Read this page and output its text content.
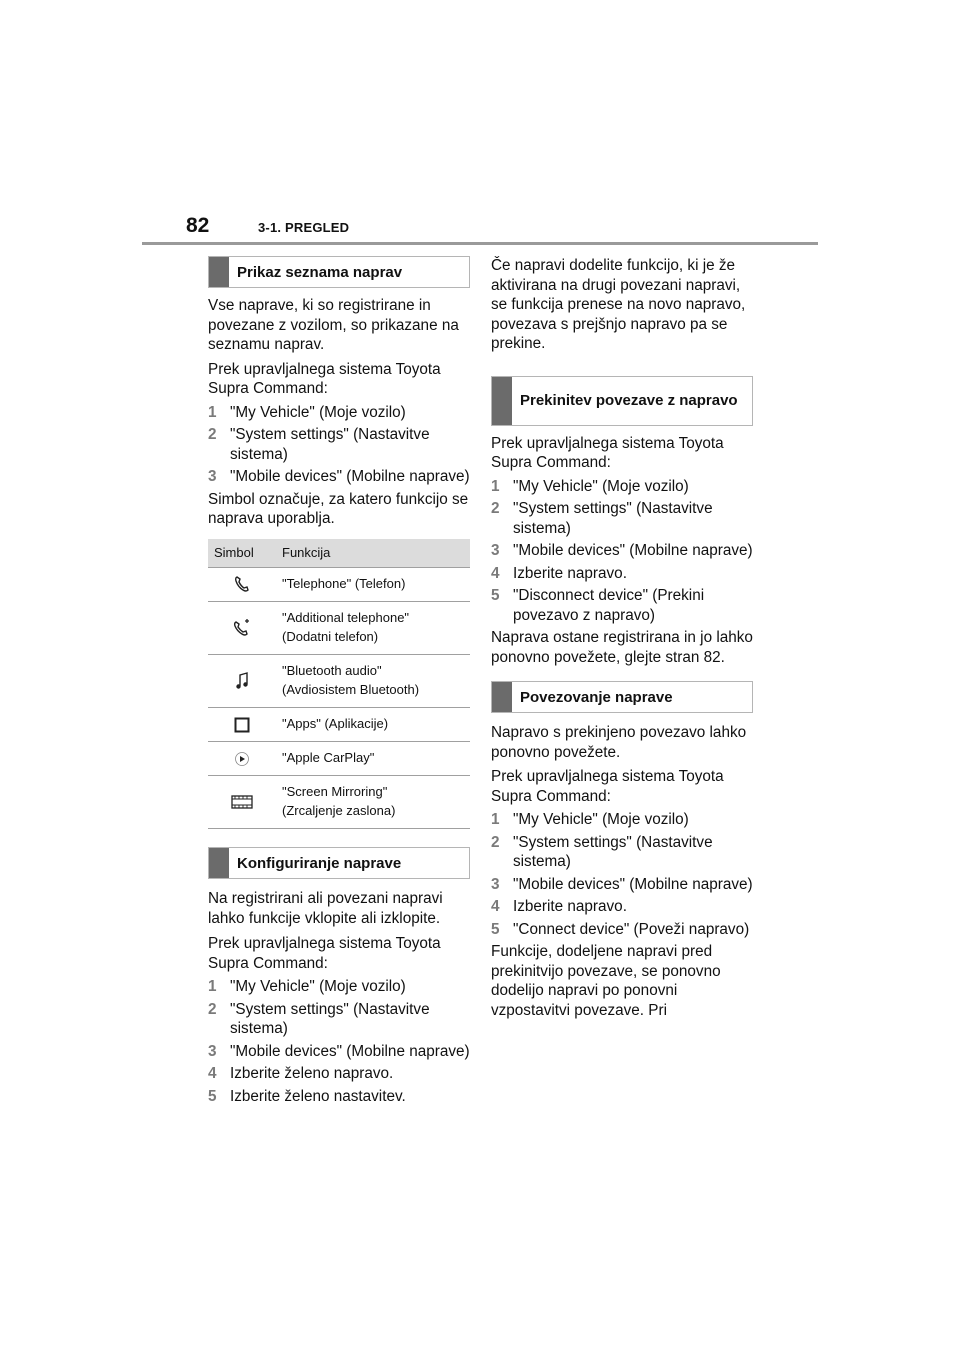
82	3-1. PREGLED
Prikaz seznama naprav

Vse naprave, ki so registrirane in povezane z vozilom, so prikazane na seznamu naprav.

Prek upravljalnega sistema Toyota Supra Command:

1 "My Vehicle" (Moje vozilo)
2 "System settings" (Nastavitve sistema)
3 "Mobile devices" (Mobilne naprave)

Simbol označuje, za katero funkcijo se naprava uporablja.

Simbol	Funkcija

"Telephone" (Telefon)

"Additional telephone"
(Dodatni telefon)

"Bluetooth audio"
(Avdiosistem Bluetooth)

"Apps" (Aplikacije)

"Apple CarPlay"

"Screen Mirroring"
(Zrcaljenje zaslona)
Konfiguriranje naprave

Na registrirani ali povezani napravi lahko funkcije vklopite ali izklopite.

Prek upravljalnega sistema Toyota Supra Command:

1 "My Vehicle" (Moje vozilo)
2 "System settings" (Nastavitve sistema)
3 "Mobile devices" (Mobilne naprave)
4 Izberite želeno napravo.
5 Izberite želeno nastavitev.

Če napravi dodelite funkcijo, ki je že aktivirana na drugi povezani napravi, se funkcija prenese na novo napravo, povezava s prejšnjo napravo pa se prekine.

Prekinitev povezave z napravo

Prek upravljalnega sistema Toyota Supra Command:

1 "My Vehicle" (Moje vozilo)
2 "System settings" (Nastavitve sistema)
3 "Mobile devices" (Mobilne naprave)
4 Izberite napravo.
5 "Disconnect device" (Prekini povezavo z napravo)

Naprava ostane registrirana in jo lahko ponovno povežete, glejte stran 82.

Povezovanje naprave

Napravo s prekinjeno povezavo lahko ponovno povežete.

Prek upravljalnega sistema Toyota Supra Command:

1 "My Vehicle" (Moje vozilo)
2 "System settings" (Nastavitve sistema)
3 "Mobile devices" (Mobilne naprave)
4 Izberite napravo.
5 "Connect device" (Poveži napravo)

Funkcije, dodeljene napravi pred prekinitvijo povezave, se ponovno dodelijo napravi po ponovni vzpostavitvi povezave. Pri
